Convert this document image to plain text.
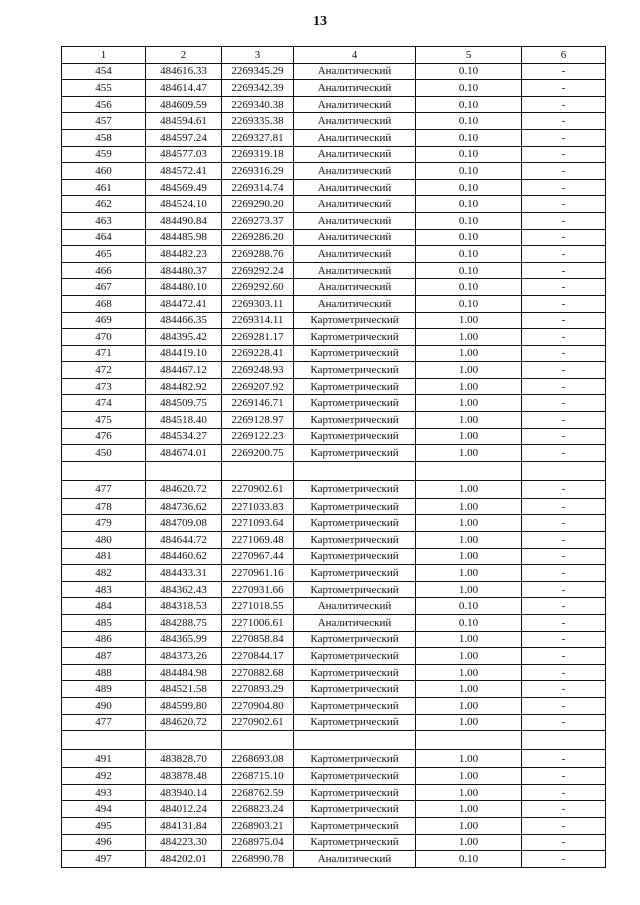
13
1	2	3	4	5	6
454	484616.33	2269345.29	Аналитический	0.10	-
455	484614.47	2269342.39	Аналитический	0.10	-
456	484609.59	2269340.38	Аналитический	0.10	-
457	484594.61	2269335.38	Аналитический	0.10	-
458	484597.24	2269327.81	Аналитический	0.10	-
459	484577.03	2269319.18	Аналитический	0.10	-
460	484572.41	2269316.29	Аналитический	0.10	-
461	484569.49	2269314.74	Аналитический	0.10	-
462	484524.10	2269290.20	Аналитический	0.10	-
463	484490.84	2269273.37	Аналитический	0.10	-
464	484485.98	2269286.20	Аналитический	0.10	-
465	484482.23	2269288.76	Аналитический	0.10	-
466	484480.37	2269292.24	Аналитический	0.10	-
467	484480.10	2269292.60	Аналитический	0.10	-
468	484472.41	2269303.11	Аналитический	0.10	-
469	484466.35	2269314.11	Картометрический	1.00	-
470	484395.42	2269281.17	Картометрический	1.00	-
471	484419.10	2269228.41	Картометрический	1.00	-
472	484467.12	2269248.93	Картометрический	1.00	-
473	484482.92	2269207.92	Картометрический	1.00	-
474	484509.75	2269146.71	Картометрический	1.00	-
475	484518.40	2269128.97	Картометрический	1.00	-
476	484534.27	2269122.23	Картометрический	1.00	-
450	484674.01	2269200.75	Картометрический	1.00	-

477	484620.72	2270902.61	Картометрический	1.00	-
478	484736.62	2271033.83	Картометрический	1.00	-
479	484709.08	2271093.64	Картометрический	1.00	-
480	484644.72	2271069.48	Картометрический	1.00	-
481	484460.62	2270967.44	Картометрический	1.00	-
482	484433.31	2270961.16	Картометрический	1.00	-
483	484362.43	2270931.66	Картометрический	1.00	-
484	484318.53	2271018.55	Аналитический	0.10	-
485	484288.75	2271006.61	Аналитический	0.10	-
486	484365.99	2270858.84	Картометрический	1.00	-
487	484373.26	2270844.17	Картометрический	1.00	-
488	484484.98	2270882.68	Картометрический	1.00	-
489	484521.58	2270893.29	Картометрический	1.00	-
490	484599.80	2270904.80	Картометрический	1.00	-
477	484620.72	2270902.61	Картометрический	1.00	-

491	483828.70	2268693.08	Картометрический	1.00	-
492	483878.48	2268715.10	Картометрический	1.00	-
493	483940.14	2268762.59	Картометрический	1.00	-
494	484012.24	2268823.24	Картометрический	1.00	-
495	484131.84	2268903.21	Картометрический	1.00	-
496	484223.30	2268975.04	Картометрический	1.00	-
497	484202.01	2268990.78	Аналитический	0.10	-
